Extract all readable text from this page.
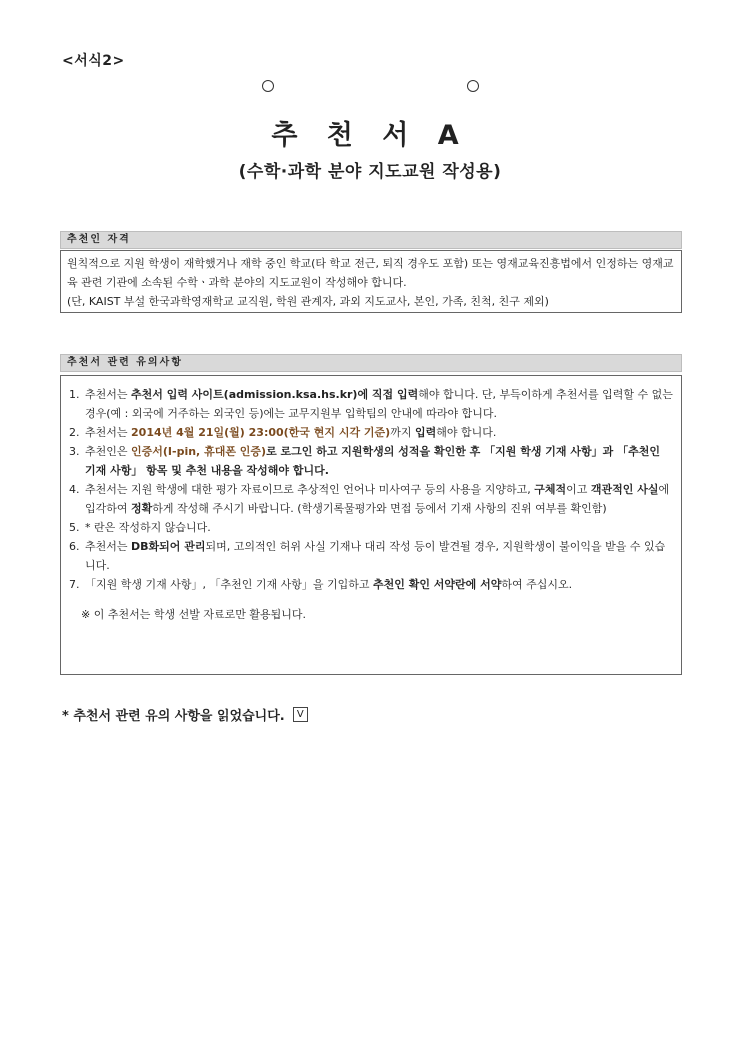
<서식2>
추 천 서 A
(수학·과학 분야 지도교원 작성용)
추천인 자격
원칙적으로 지원 학생이 재학했거나 재학 중인 학교(타 학교 전근, 퇴직 경우도 포함) 또는 영재교육진흥법에서 인정하는 영재교육 관련 기관에 소속된 수학ㆍ과학 분야의 지도교원이 작성해야 합니다.
(단, KAIST 부설 한국과학영재학교 교직원, 학원 관계자, 과외 지도교사, 본인, 가족, 친척, 친구 제외)
추천서 관련 유의사항
1. 추천서는 추천서 입력 사이트(admission.ksa.hs.kr)에 직접 입력해야 합니다. 단, 부득이하게 추천서를 입력할 수 없는 경우(예 : 외국에 거주하는 외국인 등)에는 교무지원부 입학팀의 안내에 따라야 합니다.
2. 추천서는 2014년 4월 21일(월) 23:00(한국 현지 시각 기준)까지 입력해야 합니다.
3. 추천인은 인증서(I-pin, 휴대폰 인증)로 로그인 하고 지원학생의 성적을 확인한 후 「지원 학생 기재 사항」과 「추천인 기재 사항」 항목 및 추천 내용을 작성해야 합니다.
4. 추천서는 지원 학생에 대한 평가 자료이므로 추상적인 언어나 미사여구 등의 사용을 지양하고, 구체적이고 객관적인 사실에 입각하여 정확하게 작성해 주시기 바랍니다. (학생기록물평가와 면접 등에서 기재 사항의 진위 여부를 확인함)
5. * 란은 작성하지 않습니다.
6. 추천서는 DB화되어 관리되며, 고의적인 허위 사실 기재나 대리 작성 등이 발견될 경우, 지원학생이 불이익을 받을 수 있습니다.
7. 「지원 학생 기재 사항」, 「추천인 기재 사항」을 기입하고 추천인 확인 서약란에 서약하여 주십시오.
※ 이 추천서는 학생 선발 자료로만 활용됩니다.
* 추천서 관련 유의 사항을 읽었습니다.	V
